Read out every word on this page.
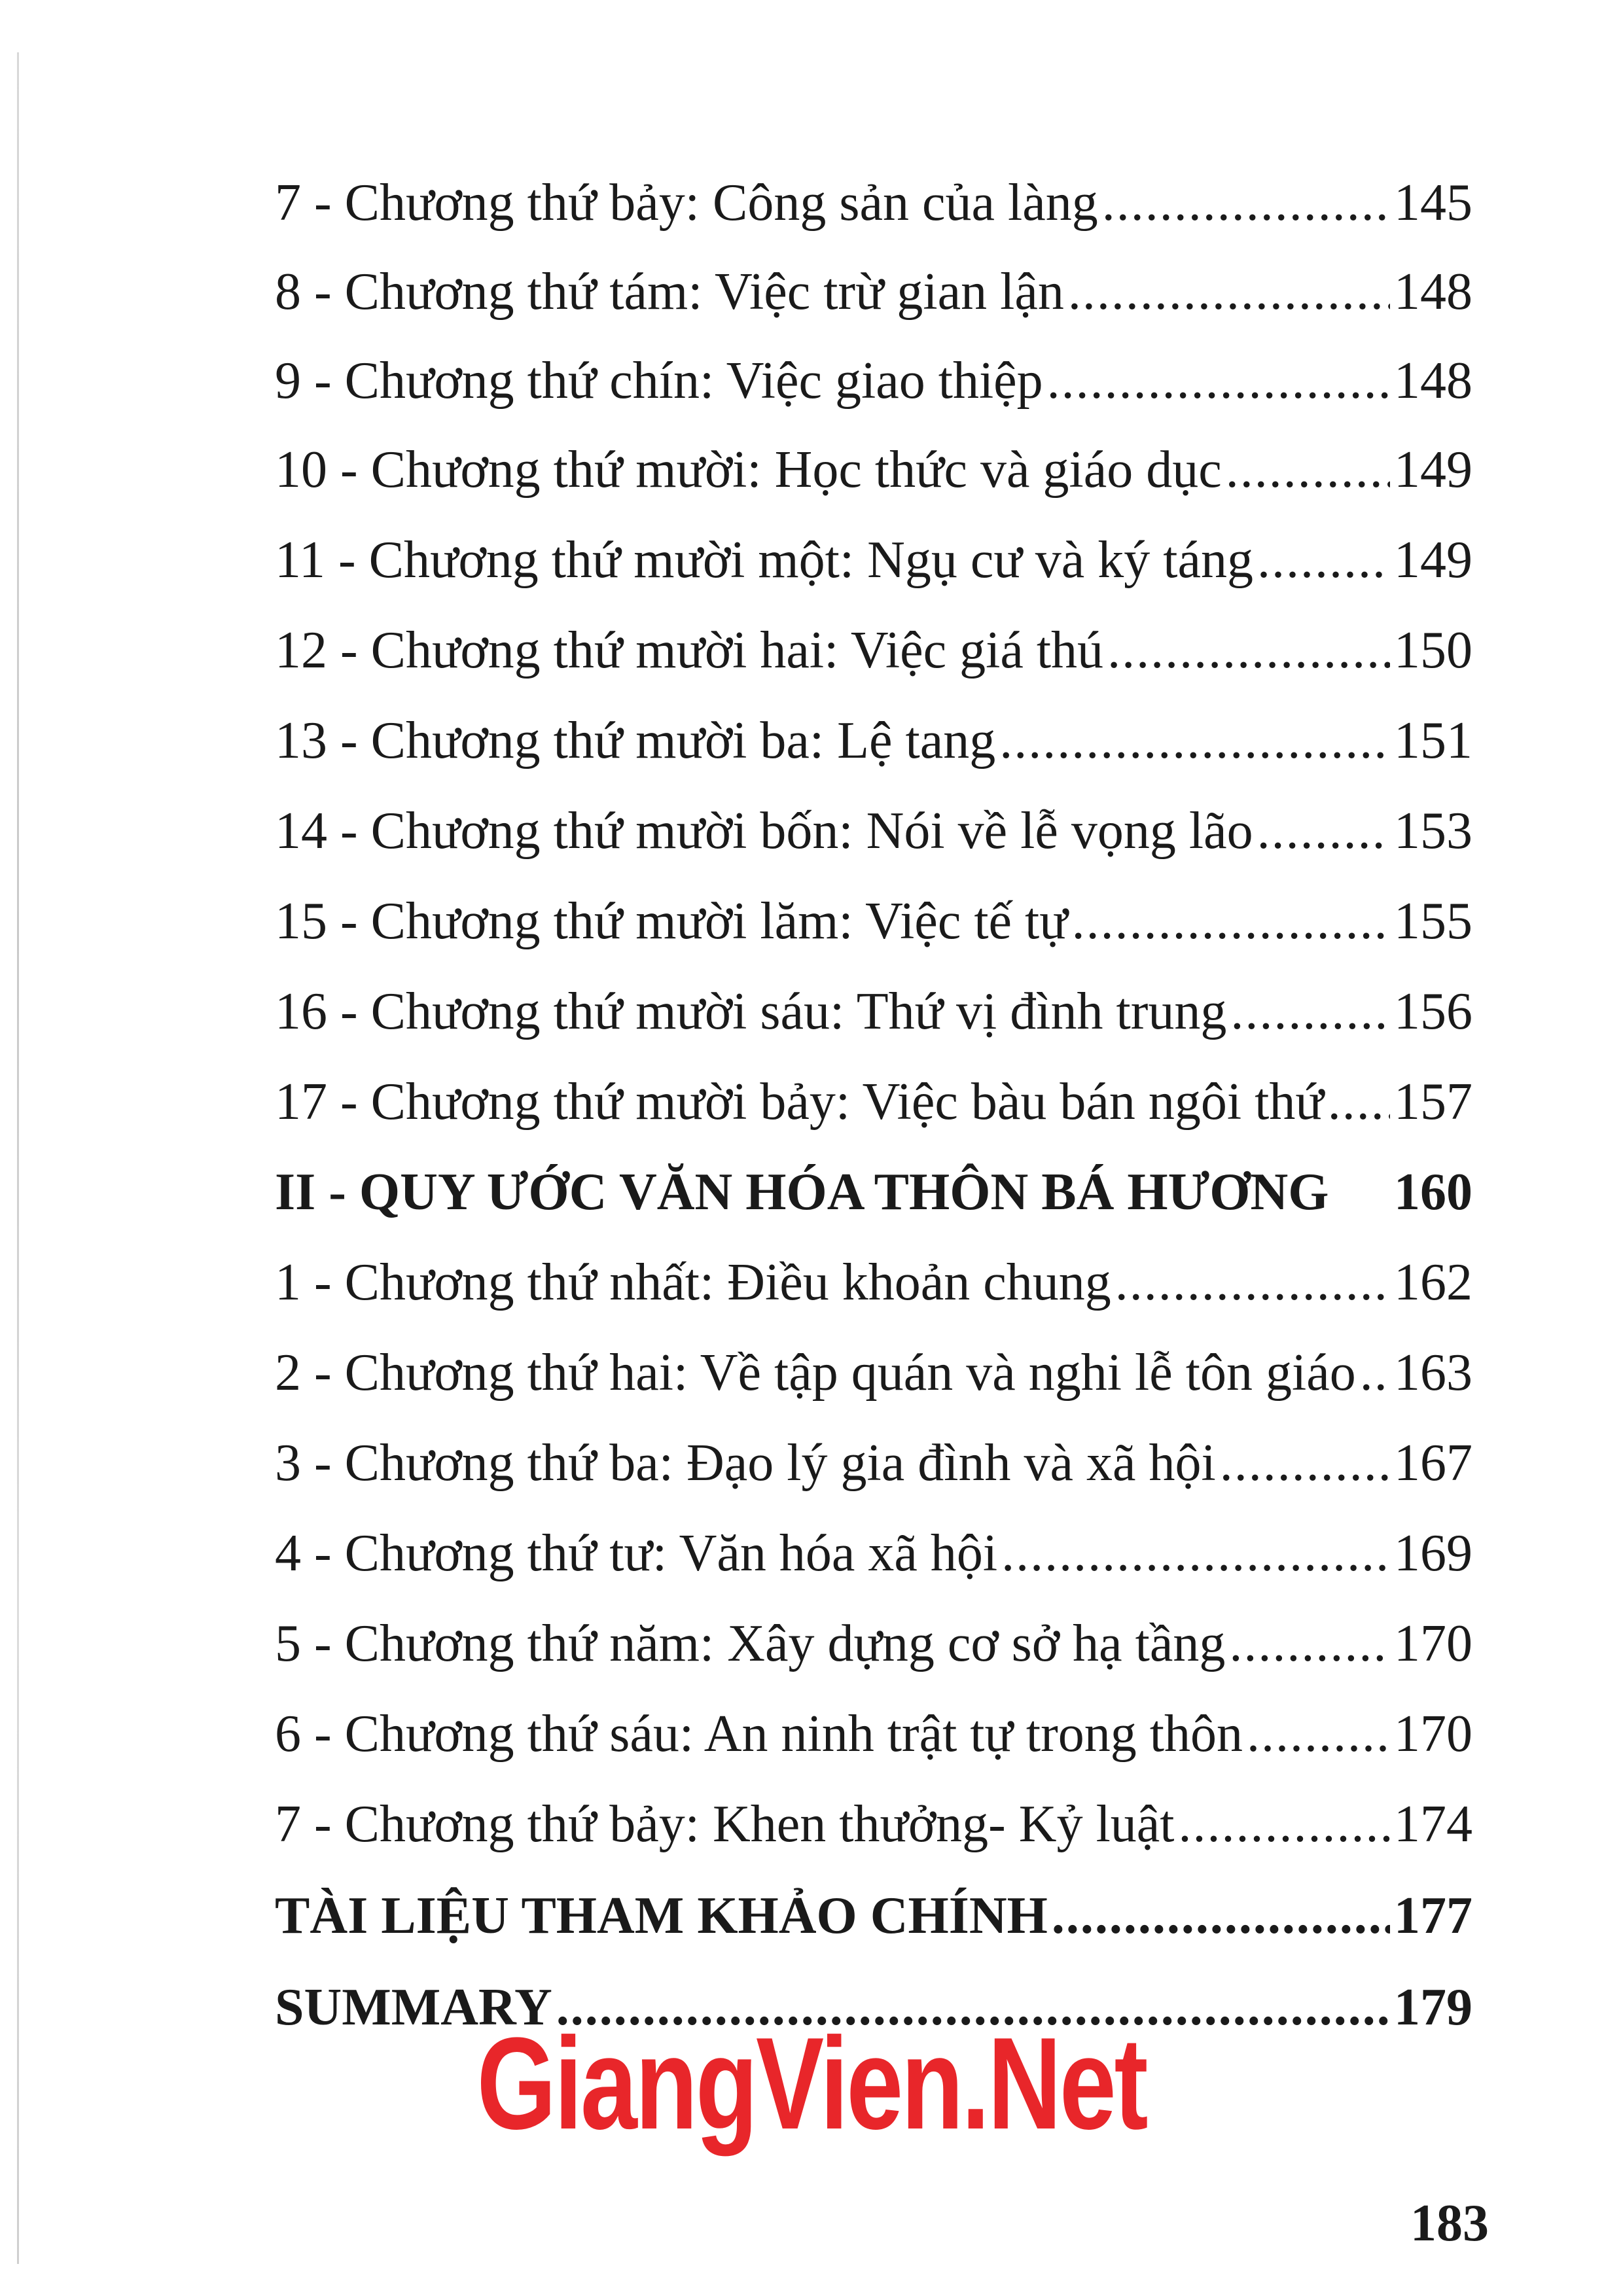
7 - Chương thứ bảy: Công sản của làng .....	145
8 - Chương thứ tám: Việc trừ gian lận .....	148
9 - Chương thứ chín: Việc giao thiệp .....	148
10 - Chương thứ mười: Học thức và giáo dục .....	149
11 - Chương thứ mười một: Ngụ cư và ký táng .....	149
12 - Chương thứ mười hai: Việc giá thú .....	150
13 - Chương thứ mười ba: Lệ tang .....	151
14 - Chương thứ mười bốn: Nói về lễ vọng lão .....	153
15 - Chương thứ mười lăm: Việc tế tự .....	155
16 - Chương thứ mười sáu: Thứ vị đình trung .....	156
17 - Chương thứ mười bảy: Việc bàu bán ngôi thứ ..... 157
II - QUY ƯỚC VĂN HÓA THÔN BÁ HƯƠNG 160
1 - Chương thứ nhất: Điều khoản chung .....	162
2 - Chương thứ hai: Về tập quán và nghi lễ tôn giáo ..... 163
3 - Chương thứ ba: Đạo lý gia đình và xã hội .....	167
4 - Chương thứ tư: Văn hóa xã hội .....	169
5 - Chương thứ năm: Xây dựng cơ sở hạ tầng .....	170
6 - Chương thứ sáu: An ninh trật tự trong thôn .....	170
7 - Chương thứ bảy: Khen thưởng- Kỷ luật .....	174
TÀI LIỆU THAM KHẢO CHÍNH .....	177
SUMMARY .....	179
GiangVien.Net
183
